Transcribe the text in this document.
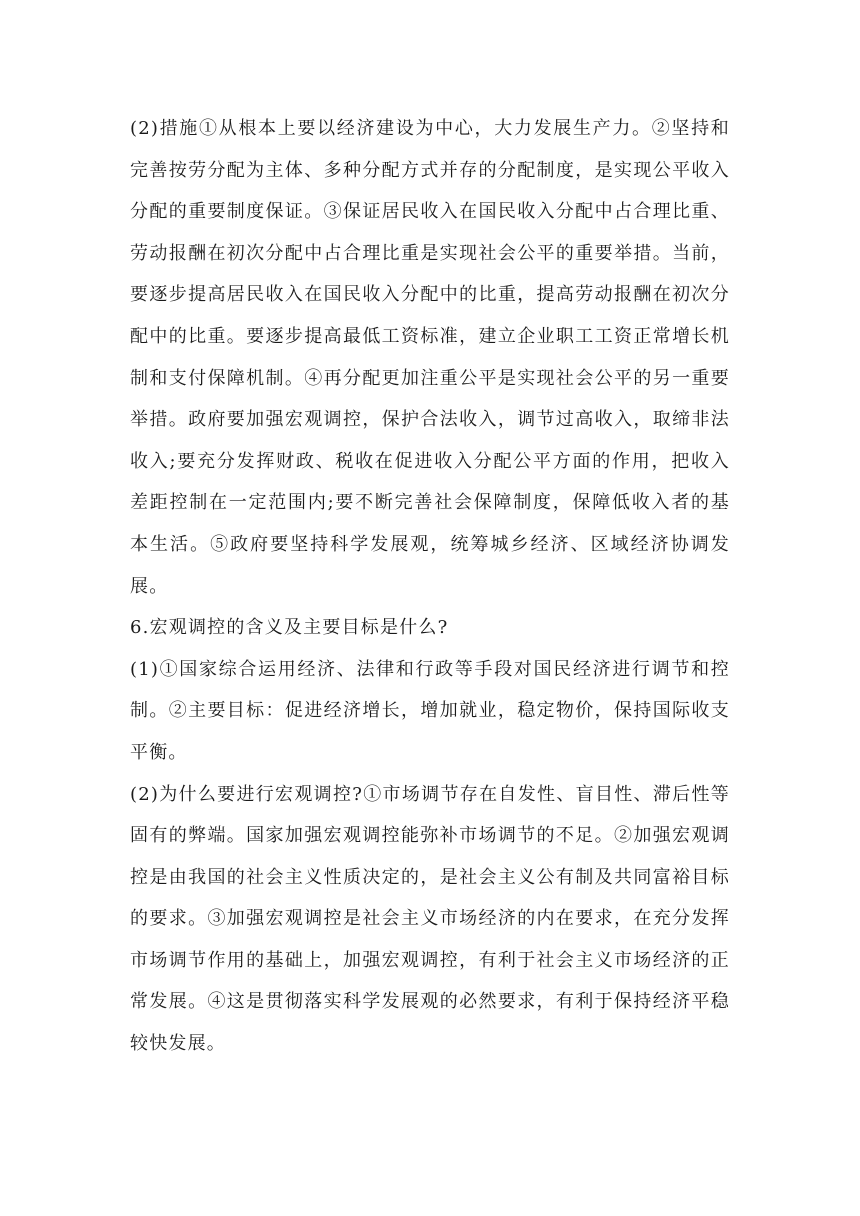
(2)措施①从根本上要以经济建设为中心，大力发展生产力。②坚持和完善按劳分配为主体、多种分配方式并存的分配制度，是实现公平收入分配的重要制度保证。③保证居民收入在国民收入分配中占合理比重、劳动报酬在初次分配中占合理比重是实现社会公平的重要举措。当前，要逐步提高居民收入在国民收入分配中的比重，提高劳动报酬在初次分配中的比重。要逐步提高最低工资标准，建立企业职工工资正常增长机制和支付保障机制。④再分配更加注重公平是实现社会公平的另一重要举措。政府要加强宏观调控，保护合法收入，调节过高收入，取缔非法收入;要充分发挥财政、税收在促进收入分配公平方面的作用，把收入差距控制在一定范围内;要不断完善社会保障制度，保障低收入者的基本生活。⑤政府要坚持科学发展观，统筹城乡经济、区域经济协调发展。

6.宏观调控的含义及主要目标是什么?

(1)①国家综合运用经济、法律和行政等手段对国民经济进行调节和控制。②主要目标：促进经济增长，增加就业，稳定物价，保持国际收支平衡。

(2)为什么要进行宏观调控?①市场调节存在自发性、盲目性、滞后性等固有的弊端。国家加强宏观调控能弥补市场调节的不足。②加强宏观调控是由我国的社会主义性质决定的，是社会主义公有制及共同富裕目标的要求。③加强宏观调控是社会主义市场经济的内在要求，在充分发挥市场调节作用的基础上，加强宏观调控，有利于社会主义市场经济的正常发展。④这是贯彻落实科学发展观的必然要求，有利于保持经济平稳较快发展。
